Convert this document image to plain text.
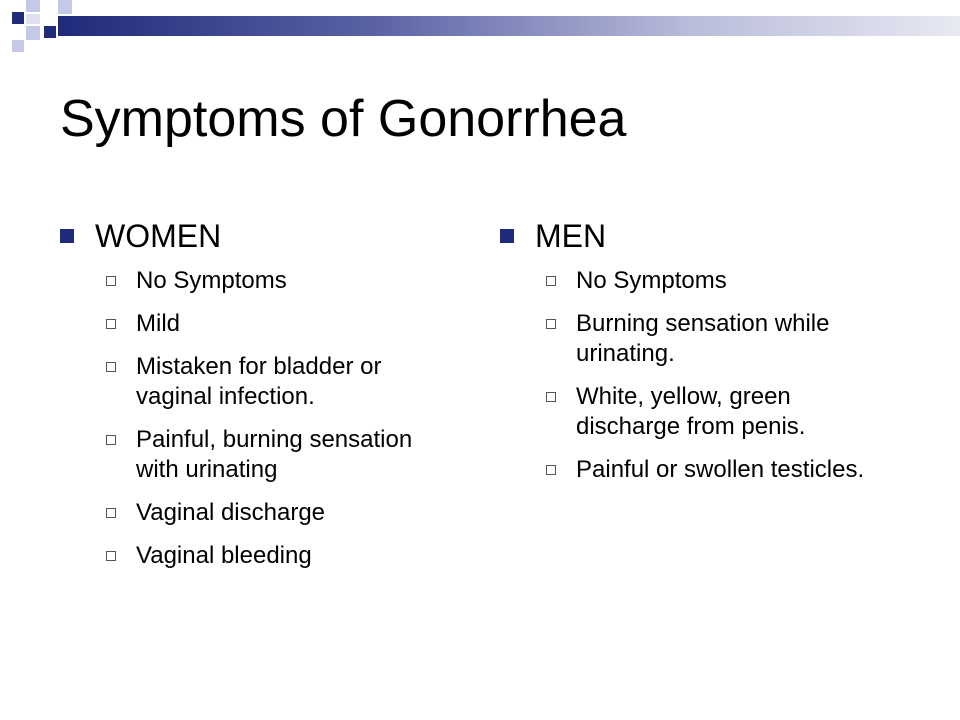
Symptoms of Gonorrhea
WOMEN
No Symptoms
Mild
Mistaken for bladder or vaginal infection.
Painful, burning sensation with urinating
Vaginal discharge
Vaginal bleeding
MEN
No Symptoms
Burning sensation while urinating.
White, yellow, green discharge from penis.
Painful or swollen testicles.
